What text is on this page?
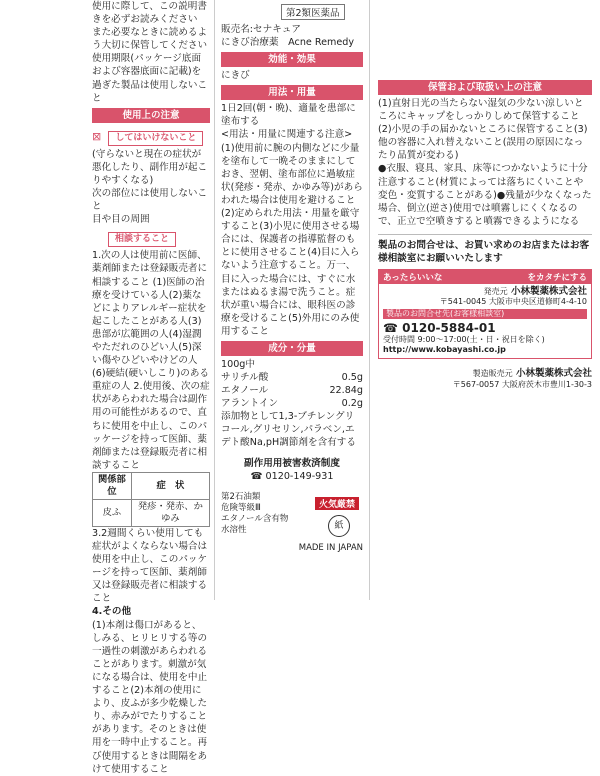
使用に際して、この説明書きを必ずお読みください
また必要なときに読めるよう大切に保管してください
使用期限(パッケージ底面および容器底面に記載)を過ぎた製品は使用しないこと

使用上の注意
⊠ してはいけないこと

(守らないと現在の症状が悪化したり、副作用が起こりやすくなる)
次の部位には使用しないこと
目や目の周囲

相談すること

1.次の人は使用前に医師、薬剤師または登録販売者に相談すること (1)医師の治療を受けている人(2)薬などによりアレルギー症状を起こしたことがある人(3)患部が広範囲の人(4)湿潤やただれのひどい人(5)深い傷やひどいやけどの人(6)硬結(硬いしこり)のある重症の人 2.使用後、次の症状があらわれた場合は副作用の可能性があるので、直ちに使用を中止し、このパッケージを持って医師、薬剤師または登録販売者に相談すること

関係部位	症　状
皮ふ	発疹・発赤、かゆみ

3.2週間くらい使用しても症状がよくならない場合は使用を中止し、このパッケージを持って医師、薬剤師又は登録販売者に相談すること

4.その他

(1)本剤は傷口があると、しみる、ヒリヒリする等の一過性の刺激があらわれることがあります。刺激が気になる場合は、使用を中止すること(2)本剤の使用により、皮ふが多少乾燥したり、赤みがでたりすることがあります。そのときは使用を一時中止すること。再び使用するときは間隔をあけて使用すること

第2類医薬品

販売名:セナキュア

にきび治療薬　Acne Remedy

効能・効果

にきび

用法・用量

1日2回(朝・晩)、適量を患部に塗布する

<用法・用量に関連する注意>(1)使用前に腕の内側などに少量を塗布して一晩そのままにしておき、翌朝、塗布部位に過敏症状(発疹・発赤、かゆみ等)があらわれた場合は使用を避けること(2)定められた用法・用量を厳守すること(3)小児に使用させる場合には、保護者の指導監督のもとに使用させること(4)目に入らないよう注意すること。万一、目に入った場合には、すぐに水またはぬるま湯で洗うこと。症状が重い場合には、眼科医の診療を受けること(5)外用にのみ使用すること

成分・分量

100g中

サリチル酸	0.5g
エタノール	22.84g
アラントイン	0.2g

添加物として1,3-ブチレングリコール,グリセリン,パラベン,エデト酸Na,pH調節剤を含有する

副作用用被害救済制度

☎ 0120-149-931

第2石油類
危険等級Ⅲ
エタノール含有物
水溶性

火気厳禁
紙

MADE IN JAPAN

保管および取扱い上の注意

(1)直射日光の当たらない湿気の少ない涼しいところにキャップをしっかりしめて保管すること(2)小児の手の届かないところに保管すること(3)他の容器に入れ替えないこと(誤用の原因になったり品質が変わる)
●衣服、寝具、家具、床等につかないように十分注意すること(材質によっては落ちにくいことや変色・変質することがある)●残量が少なくなった場合、倒立(逆さ)使用では噴霧しにくくなるので、正立で空噴きすると噴霧できるようになる

製品のお問合せは、お買い求めのお店またはお客様相談室にお願いいたします

あったらいいな	をカタチにする

発売元 小林製薬株式会社

〒541-0045 大阪市中央区道修町4-4-10

製品のお問合せ先(お客様相談室)

☎ 0120-5884-01

受付時間 9:00～17:00(土・日・祝日を除く)

http://www.kobayashi.co.jp

製造販売元 小林製薬株式会社

〒567-0057 大阪府茨木市豊川1-30-3
